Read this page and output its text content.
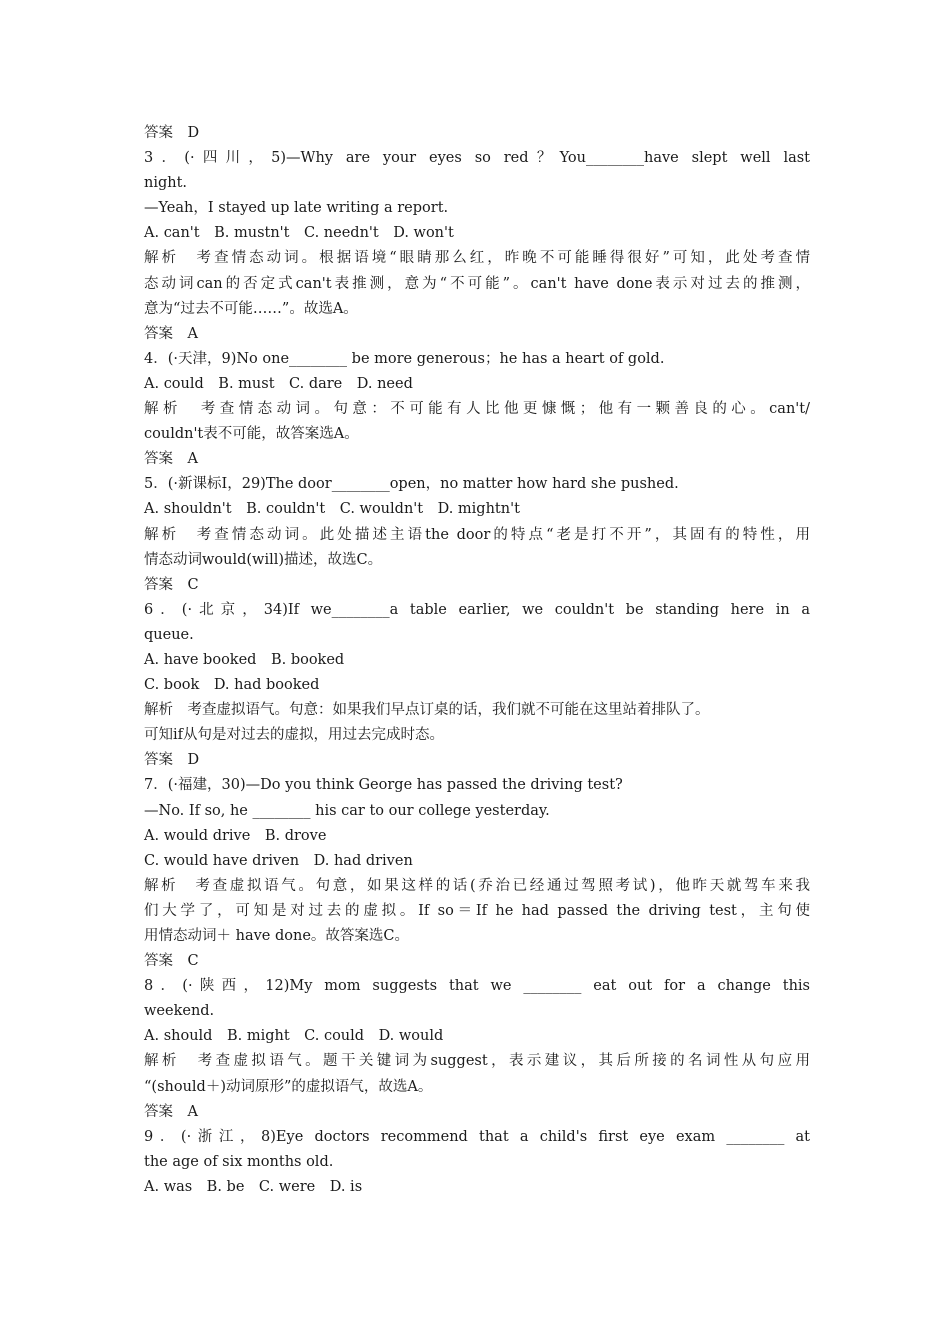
答案　D
3．(·四川，5)—Why are your eyes so red？You________have slept well last
night.
—Yeah，I stayed up late writing a report.
A. can't　B. mustn't　C. needn't　D. won't
解析　考查情态动词。根据语境“眼睛那么红，昨晚不可能睡得很好”可知，此处考查情
态动词can的否定式can't表推测，意为“不可能”。can't have done表示对过去的推测，
意为“过去不可能……”。故选A。
答案　A
4．(·天津，9)No one________ be more generous；he has a heart of gold.
A. could　B. must　C. dare　D. need
解析　考查情态动词。句意：不可能有人比他更慷慨；他有一颗善良的心。can't/
couldn't表不可能，故答案选A。
答案　A
5．(·新课标Ⅰ，29)The door________open，no matter how hard she pushed.
A. shouldn't　B. couldn't　C. wouldn't　D. mightn't
解析　考查情态动词。此处描述主语the door的特点“老是打不开”，其固有的特性，用
情态动词would(will)描述，故选C。
答案　C
6．(·北京，34)If we________a table earlier, we couldn't be standing here in a
queue.
A. have booked　B. booked
C. book　D. had booked
解析　考查虚拟语气。句意：如果我们早点订桌的话，我们就不可能在这里站着排队了。
可知if从句是对过去的虚拟，用过去完成时态。
答案　D
7．(·福建，30)—Do you think George has passed the driving test?
—No. If so, he ________ his car to our college yesterday.
A. would drive　B. drove
C. would have driven　D. had driven
解析　考查虚拟语气。句意，如果这样的话(乔治已经通过驾照考试)，他昨天就驾车来我
们大学了，可知是对过去的虚拟。If so＝If he had passed the driving test，主句使
用情态动词＋ have done。故答案选C。
答案　C
8．(·陕西，12)My mom suggests that we ________ eat out for a change this
weekend.
A. should　B. might　C. could　D. would
解析　考查虚拟语气。题干关键词为suggest，表示建议，其后所接的名词性从句应用
“(should＋)动词原形”的虚拟语气，故选A。
答案　A
9．(·浙江，8)Eye doctors recommend that a child's first eye exam ________ at
the age of six months old.
A. was　B. be　C. were　D. is
